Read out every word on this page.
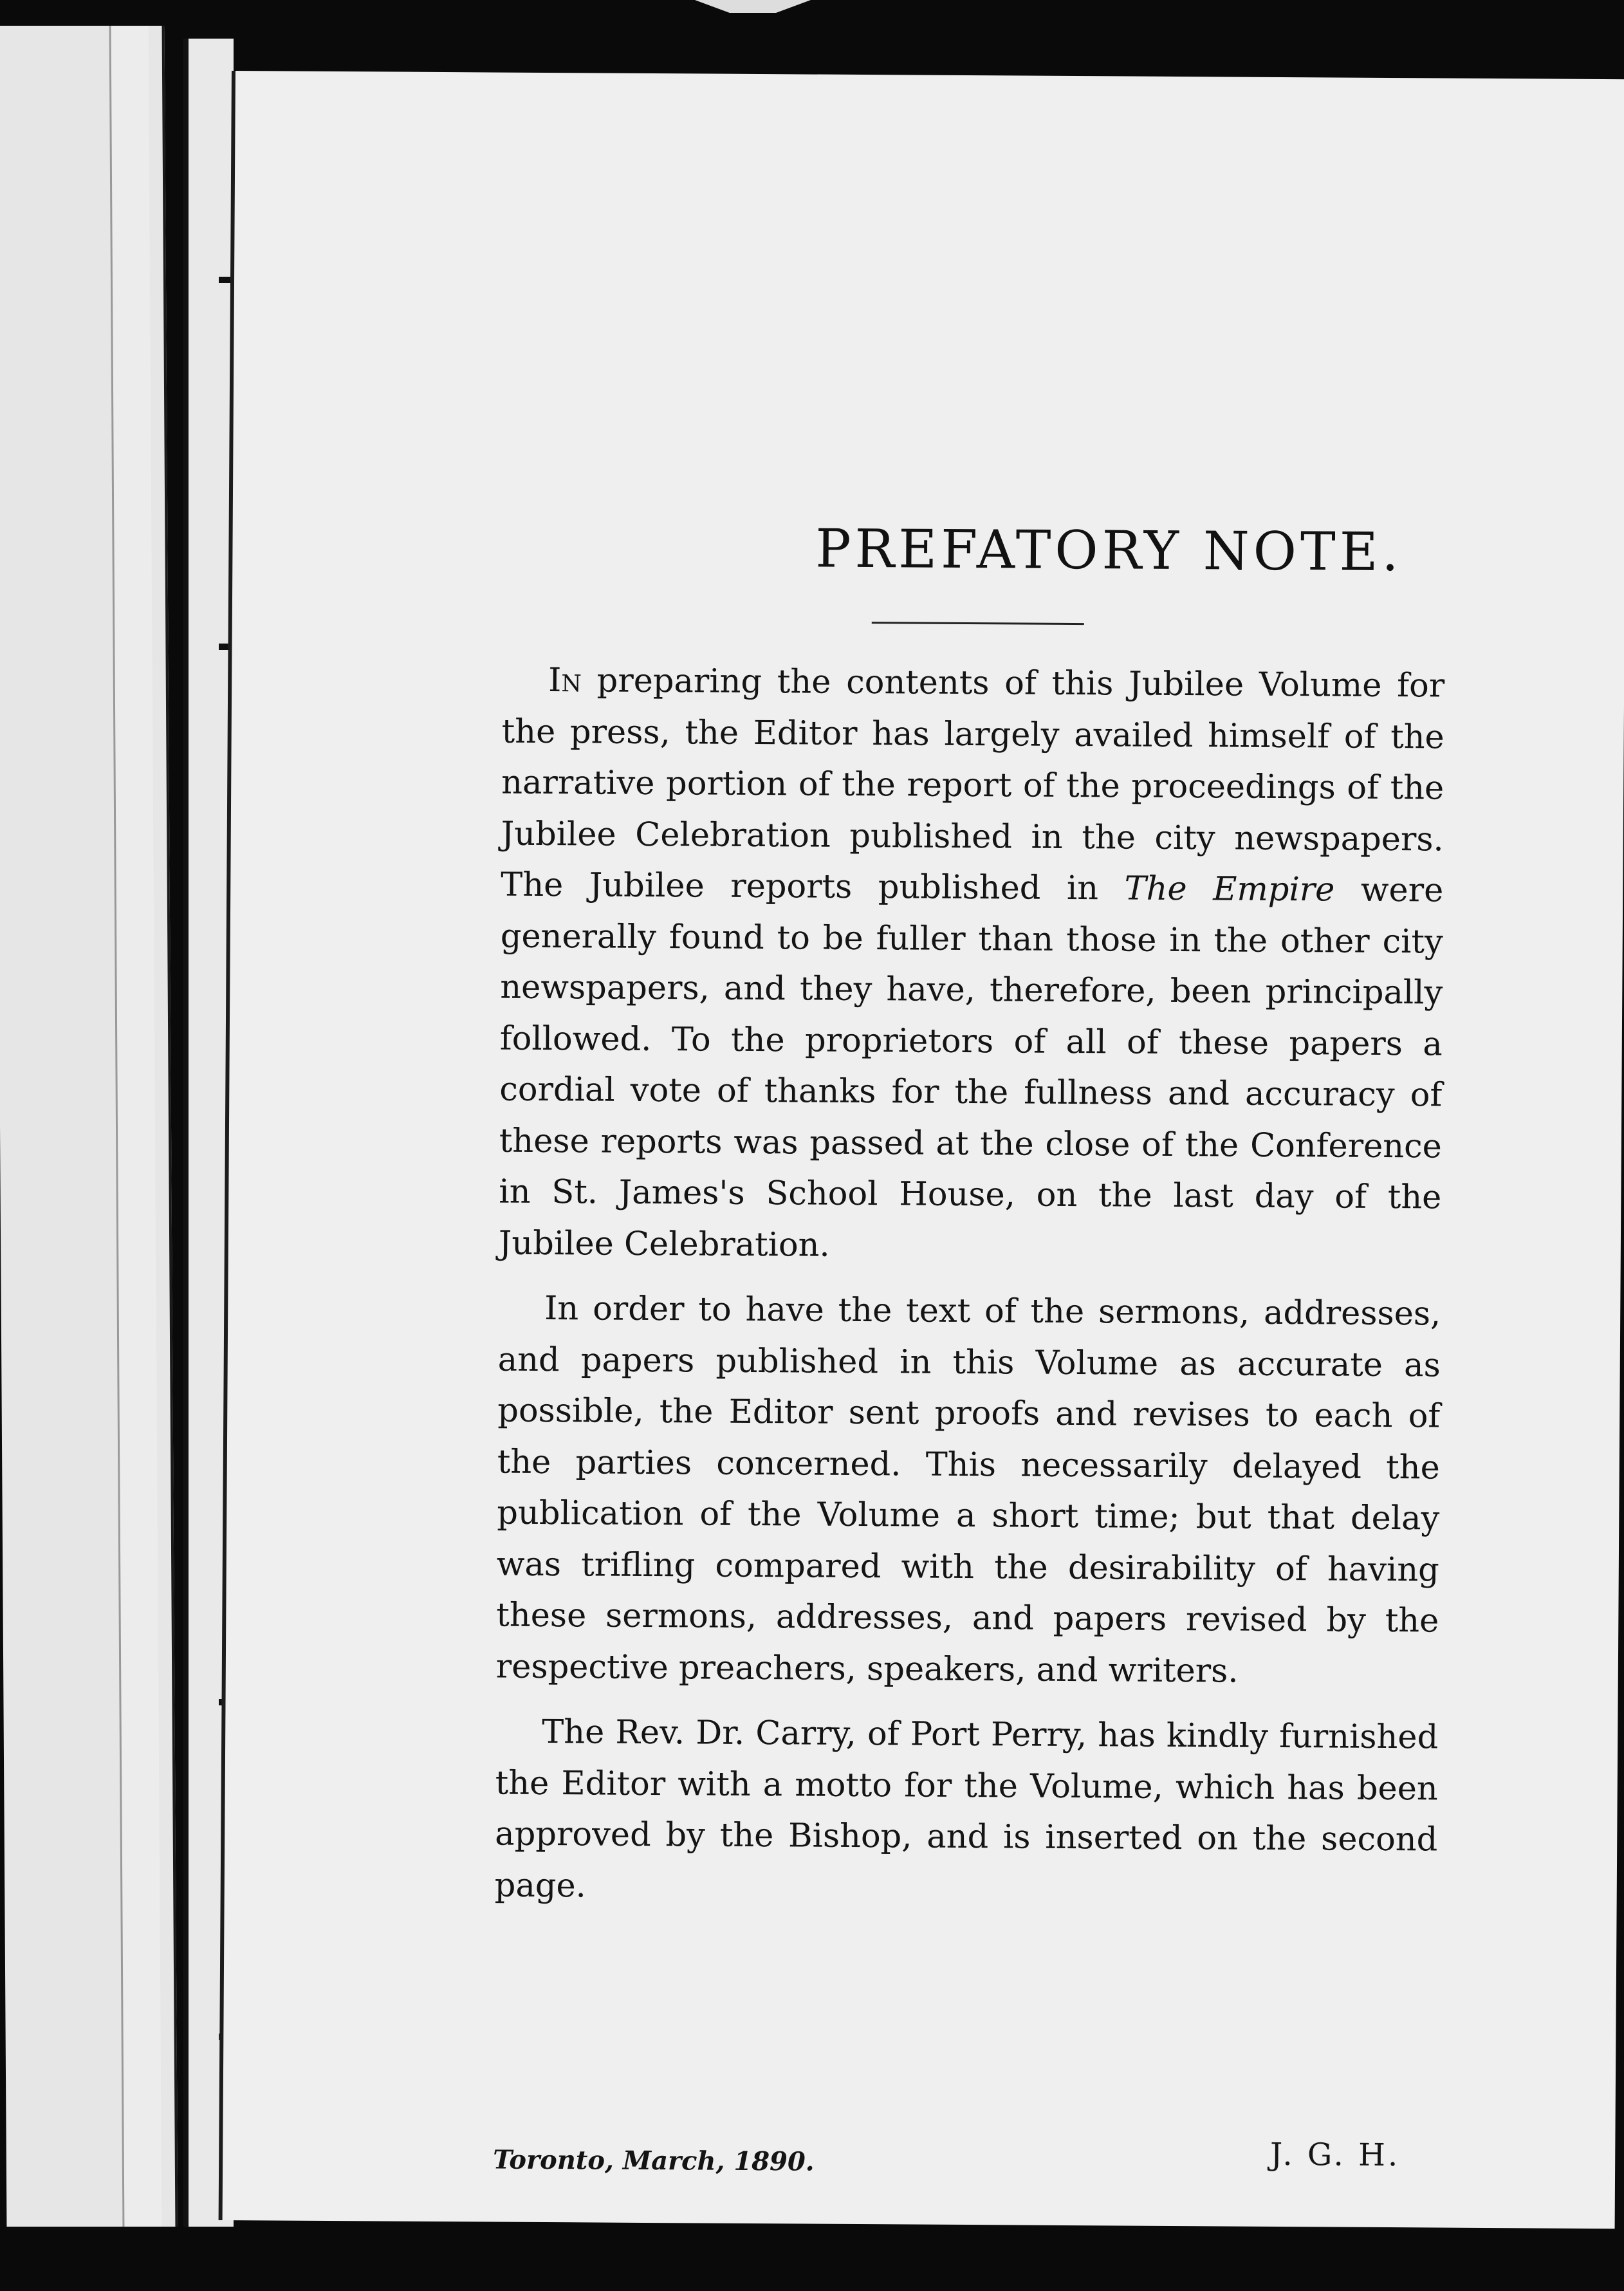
PREFATORY NOTE.

In preparing the contents of this Jubilee Volume for the press, the Editor has largely availed himself of the narrative portion of the report of the proceedings of the Jubilee Celebration published in the city newspapers. The Jubilee reports published in The Empire were generally found to be fuller than those in the other city newspapers, and they have, therefore, been principally followed. To the proprietors of all of these papers a cordial vote of thanks for the fullness and accuracy of these reports was passed at the close of the Conference in St. James's School House, on the last day of the Jubilee Celebration.

In order to have the text of the sermons, addresses, and papers published in this Volume as accurate as possible, the Editor sent proofs and revises to each of the parties concerned. This necessarily delayed the publication of the Volume a short time; but that delay was trifling compared with the desirability of having these sermons, addresses, and papers revised by the respective preachers, speakers, and writers.

The Rev. Dr. Carry, of Port Perry, has kindly furnished the Editor with a motto for the Volume, which has been approved by the Bishop, and is inserted on the second page.

Toronto, March, 1890.	J. G. H.
